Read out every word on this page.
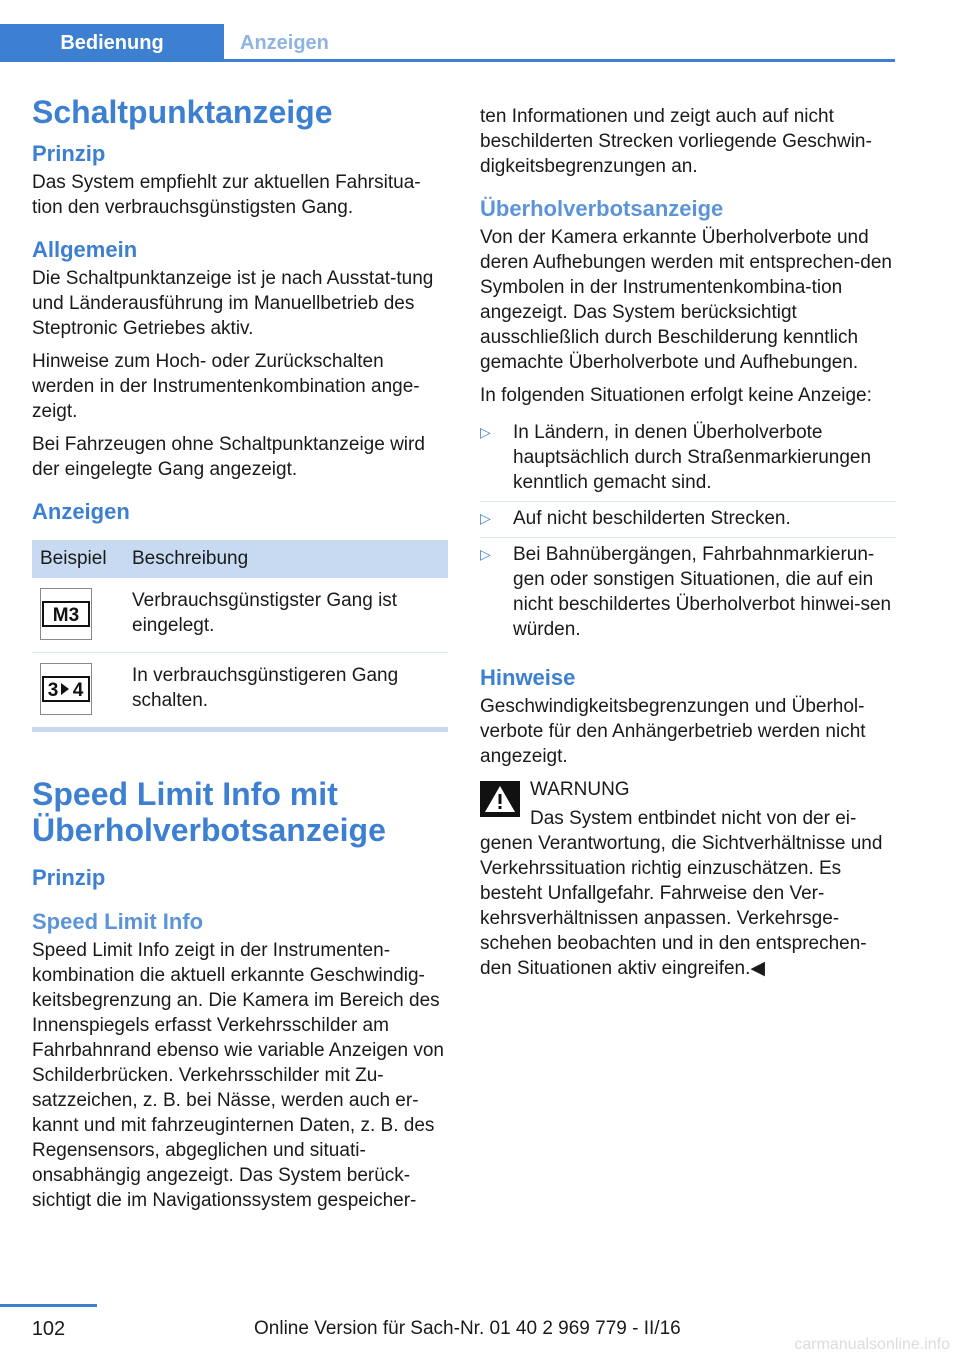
Bedienung	Anzeigen
Schaltpunktanzeige
Prinzip

Das System empfiehlt zur aktuellen Fahrsitua-tion den verbrauchsgünstigsten Gang.

Allgemein

Die Schaltpunktanzeige ist je nach Ausstat-tung und Länderausführung im Manuellbetrieb des Steptronic Getriebes aktiv.

Hinweise zum Hoch- oder Zurückschalten werden in der Instrumentenkombination ange-zeigt.

Bei Fahrzeugen ohne Schaltpunktanzeige wird der eingelegte Gang angezeigt.

Anzeigen
Beispiel	Beschreibung

M3	Verbrauchsgünstigster Gang ist eingelegt.

3 4	In verbrauchsgünstigeren Gang schalten.
Speed Limit Info mit Überholverbotsanzeige
Prinzip
Speed Limit Info

Speed Limit Info zeigt in der Instrumenten-kombination die aktuell erkannte Geschwindig-keitsbegrenzung an. Die Kamera im Bereich des Innenspiegels erfasst Verkehrsschilder am Fahrbahnrand ebenso wie variable Anzeigen von Schilderbrücken. Verkehrsschilder mit Zu-satzzeichen, z. B. bei Nässe, werden auch er-kannt und mit fahrzeuginternen Daten, z. B. des Regensensors, abgeglichen und situati-onsabhängig angezeigt. Das System berück-sichtigt die im Navigationssystem gespeicher-

ten Informationen und zeigt auch auf nicht beschilderten Strecken vorliegende Geschwin-digkeitsbegrenzungen an.

Überholverbotsanzeige

Von der Kamera erkannte Überholverbote und deren Aufhebungen werden mit entsprechen-den Symbolen in der Instrumentenkombina-tion angezeigt. Das System berücksichtigt ausschließlich durch Beschilderung kenntlich gemachte Überholverbote und Aufhebungen.

In folgenden Situationen erfolgt keine Anzeige:

▷ In Ländern, in denen Überholverbote hauptsächlich durch Straßenmarkierungen kenntlich gemacht sind.
▷ Auf nicht beschilderten Strecken.
▷ Bei Bahnübergängen, Fahrbahnmarkierun-gen oder sonstigen Situationen, die auf ein nicht beschildertes Überholverbot hinwei-sen würden.
Hinweise

Geschwindigkeitsbegrenzungen und Überhol-verbote für den Anhängerbetrieb werden nicht angezeigt.

WARNUNG

Das System entbindet nicht von der ei-genen Verantwortung, die Sichtverhältnisse und Verkehrssituation richtig einzuschätzen. Es besteht Unfallgefahr. Fahrweise den Ver-kehrsverhältnissen anpassen. Verkehrsge-schehen beobachten und in den entsprechen-den Situationen aktiv eingreifen.◀

102	Online Version für Sach-Nr. 01 40 2 969 779 - II/16
carmanualsonline.info
